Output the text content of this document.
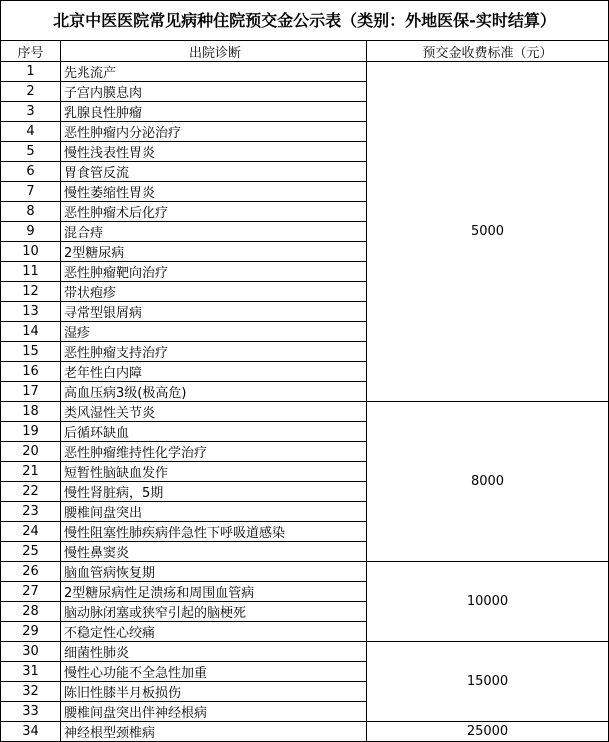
北京中医医院常见病种住院预交金公示表（类别：外地医保-实时结算）
序号	出院诊断	预交金收费标准（元）
1	先兆流产	5000
2	子宫内膜息肉	
3	乳腺良性肿瘤	
4	恶性肿瘤内分泌治疗	
5	慢性浅表性胃炎	
6	胃食管反流	
7	慢性萎缩性胃炎	
8	恶性肿瘤术后化疗	
9	混合痔	
10	2型糖尿病	
11	恶性肿瘤靶向治疗	
12	带状疱疹	
13	寻常型银屑病	
14	湿疹	
15	恶性肿瘤支持治疗	
16	老年性白内障	
17	高血压病3级(极高危)	
18	类风湿性关节炎	8000
19	后循环缺血	
20	恶性肿瘤维持性化学治疗	
21	短暂性脑缺血发作	
22	慢性肾脏病，5期	
23	腰椎间盘突出	
24	慢性阻塞性肺疾病伴急性下呼吸道感染	
25	慢性鼻窦炎	
26	脑血管病恢复期	10000
27	2型糖尿病性足溃疡和周围血管病	
28	脑动脉闭塞或狭窄引起的脑梗死	
29	不稳定性心绞痛	
30	细菌性肺炎	15000
31	慢性心功能不全急性加重	
32	陈旧性膝半月板损伤	
33	腰椎间盘突出伴神经根病	
34	神经根型颈椎病	25000
